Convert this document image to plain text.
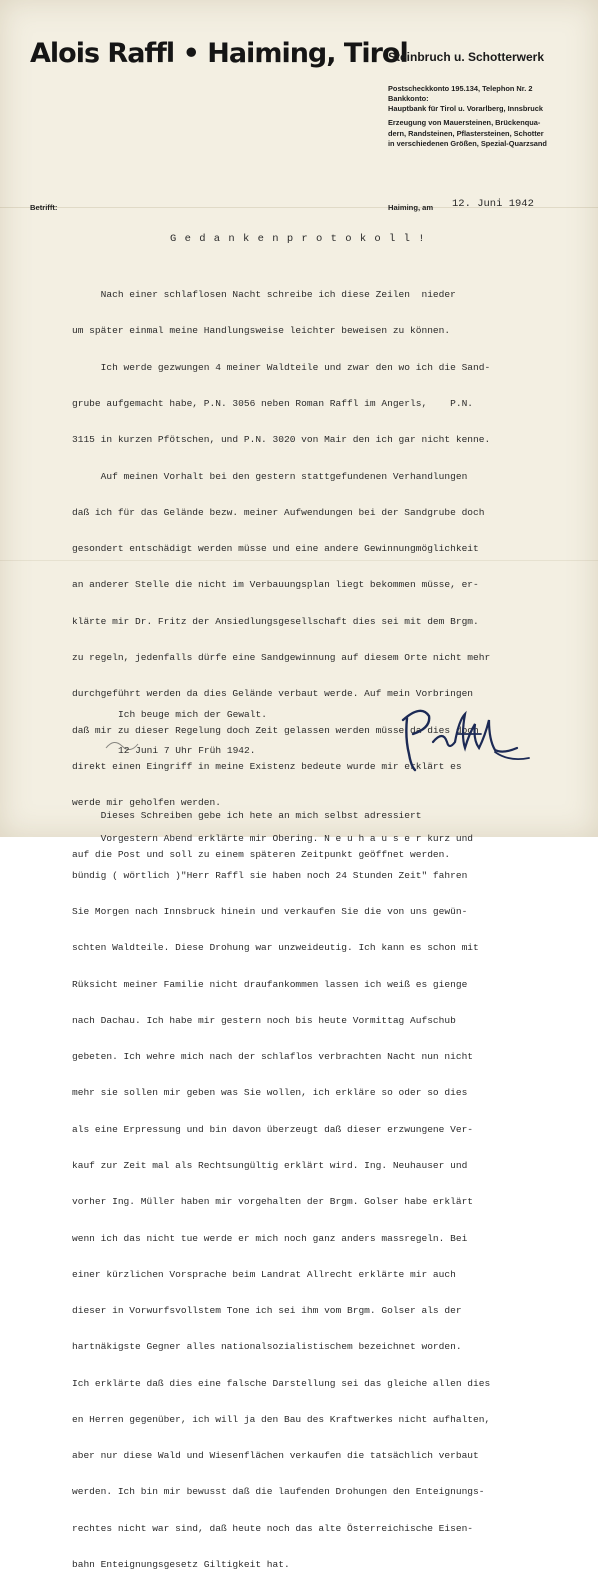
Alois Raffl • Haiming, Tirol
Steinbruch u. Schotterwerk
Postscheckkonto 195.134, Telephon Nr. 2
Bankkonto:
Hauptbank für Tirol u. Vorarlberg, Innsbruck
Erzeugung von Mauersteinen, Brückenqua-
dern, Randsteinen, Pflastersteinen, Schotter
in verschiedenen Größen, Spezial-Quarzsand
Betrifft:	Haiming, am 12. Juni 1942
G e d a n k e n p r o t o k o l l !

Nach einer schlaflosen Nacht schreibe ich diese Zeilen  nieder

um später einmal meine Handlungsweise leichter beweisen zu können.

Ich werde gezwungen 4 meiner Waldteile und zwar den wo ich die Sand-

grube aufgemacht habe, P.N. 3056 neben Roman Raffl im Angerls,    P.N.

3115 in kurzen Pfötschen, und P.N. 3020 von Mair den ich gar nicht kenne.

Auf meinen Vorhalt bei den gestern stattgefundenen Verhandlungen

daß ich für das Gelände bezw. meiner Aufwendungen bei der Sandgrube doch

gesondert entschädigt werden müsse und eine andere Gewinnungmöglichkeit

an anderer Stelle die nicht im Verbauungsplan liegt bekommen müsse, er-

klärte mir Dr. Fritz der Ansiedlungsgesellschaft dies sei mit dem Brgm.

zu regeln, jedenfalls dürfe eine Sandgewinnung auf diesem Orte nicht mehr

durchgeführt werden da dies Gelände verbaut werde. Auf mein Vorbringen

daß mir zu dieser Regelung doch Zeit gelassen werden müsse da dies doch

direkt einen Eingriff in meine Existenz bedeute wurde mir erklärt es

werde mir geholfen werden.

Vorgestern Abend erklärte mir Obering. N e u h a u s e r kurz und

bündig ( wörtlich )"Herr Raffl sie haben noch 24 Stunden Zeit" fahren

Sie Morgen nach Innsbruck hinein und verkaufen Sie die von uns gewün-

schten Waldteile. Diese Drohung war unzweideutig. Ich kann es schon mit

Rüksicht meiner Familie nicht draufankommen lassen ich weiß es gienge

nach Dachau. Ich habe mir gestern noch bis heute Vormittag Aufschub

gebeten. Ich wehre mich nach der schlaflos verbrachten Nacht nun nicht

mehr sie sollen mir geben was Sie wollen, ich erkläre so oder so dies

als eine Erpressung und bin davon überzeugt daß dieser erzwungene Ver-

kauf zur Zeit mal als Rechtsungültig erklärt wird. Ing. Neuhauser und

vorher Ing. Müller haben mir vorgehalten der Brgm. Golser habe erklärt

wenn ich das nicht tue werde er mich noch ganz anders massregeln. Bei

einer kürzlichen Vorsprache beim Landrat Allrecht erklärte mir auch

dieser in Vorwurfsvollstem Tone ich sei ihm vom Brgm. Golser als der

hartnäkigste Gegner alles nationalsozialistischem bezeichnet worden.

Ich erklärte daß dies eine falsche Darstellung sei das gleiche allen dies

en Herren gegenüber, ich will ja den Bau des Kraftwerkes nicht aufhalten,

aber nur diese Wald und Wiesenflächen verkaufen die tatsächlich verbaut

werden. Ich bin mir bewusst daß die laufenden Drohungen den Enteignungs-

rechtes nicht war sind, daß heute noch das alte Österreichische Eisen-

bahn Enteignungsgesetz Giltigkeit hat.

Ich beuge mich der Gewalt.
12 Juni 7 Uhr Früh 1942.

Dieses Schreiben gebe ich hete an mich selbst adressiert

auf die Post und soll zu einem späteren Zeitpunkt geöffnet werden.
